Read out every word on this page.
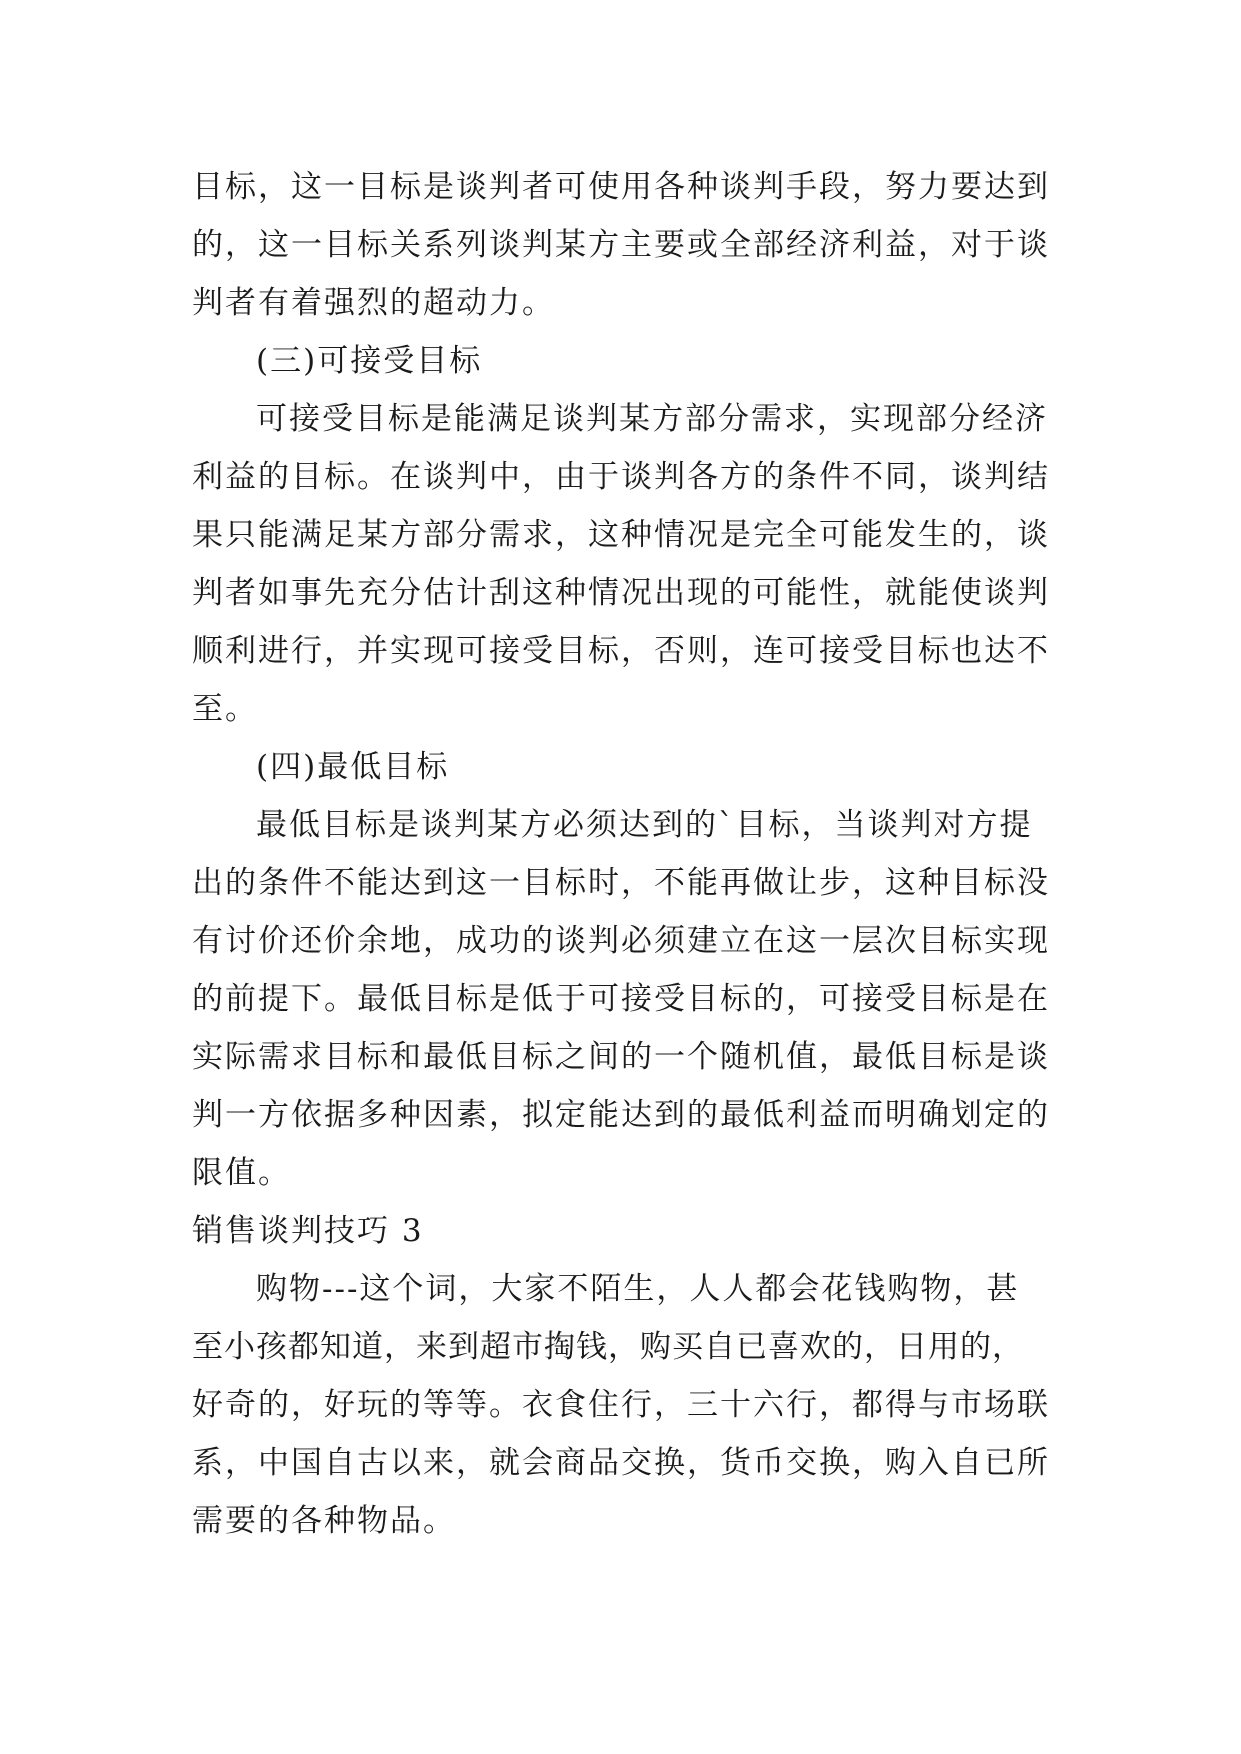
目标，这一目标是谈判者可使用各种谈判手段，努力要达到
的，这一目标关系列谈判某方主要或全部经济利益，对于谈
判者有着强烈的超动力。

(三)可接受目标

可接受目标是能满足谈判某方部分需求，实现部分经济
利益的目标。在谈判中，由于谈判各方的条件不同，谈判结
果只能满足某方部分需求，这种情况是完全可能发生的，谈
判者如事先充分估计刮这种情况出现的可能性，就能使谈判
顺利进行，并实现可接受目标，否则，连可接受目标也达不
至。

(四)最低目标

最低目标是谈判某方必须达到的`目标，当谈判对方提
出的条件不能达到这一目标时，不能再做让步，这种目标没
有讨价还价余地，成功的谈判必须建立在这一层次目标实现
的前提下。最低目标是低于可接受目标的，可接受目标是在
实际需求目标和最低目标之间的一个随机值，最低目标是谈
判一方依据多种因素，拟定能达到的最低利益而明确划定的
限值。

销售谈判技巧 3

购物---这个词，大家不陌生，人人都会花钱购物，甚
至小孩都知道，来到超市掏钱，购买自已喜欢的，日用的，
好奇的，好玩的等等。衣食住行，三十六行，都得与市场联
系，中国自古以来，就会商品交换，货币交换，购入自已所
需要的各种物品。
